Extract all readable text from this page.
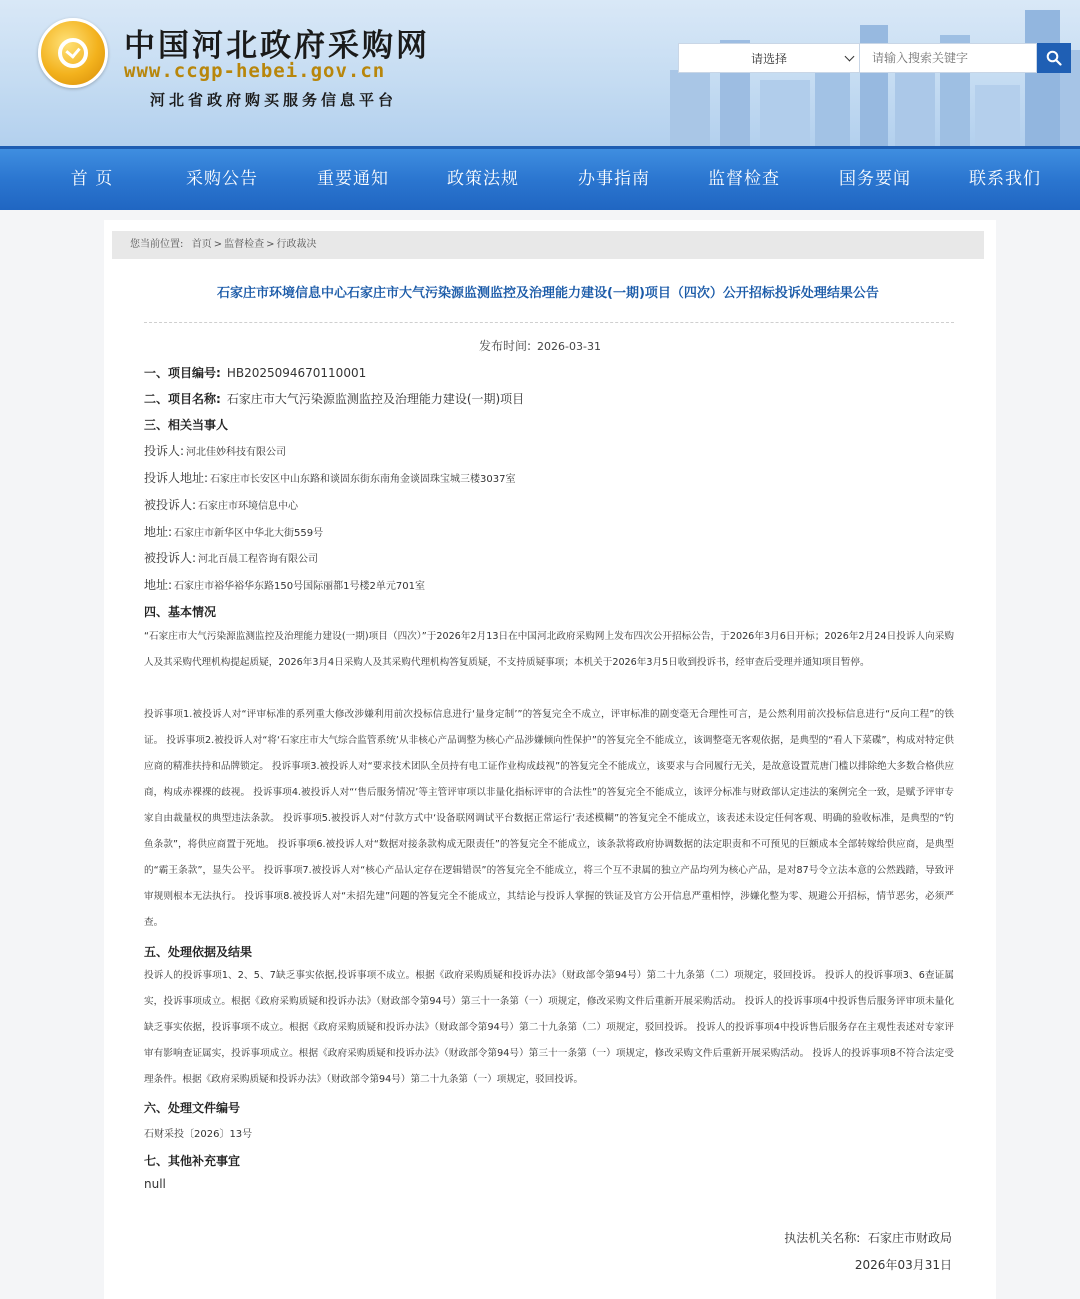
中国河北政府采购网
www.ccgp-hebei.gov.cn
河北省政府购买服务信息平台
请选择
请输入搜索关键字
首 页	采购公告	重要通知	政策法规	办事指南	监督检查	国务要闻	联系我们
您当前位置: 首页 > 监督检查 > 行政裁决
石家庄市环境信息中心石家庄市大气污染源监测监控及治理能力建设(一期)项目（四次）公开招标投诉处理结果公告
发布时间: 2026-03-31
一、项目编号: HB2025094670110001
二、项目名称: 石家庄市大气污染源监测监控及治理能力建设(一期)项目
三、相关当事人
投诉人: 河北佳妙科技有限公司
投诉人地址: 石家庄市长安区中山东路和谈固东街东南角金谈固珠宝城三楼3037室
被投诉人: 石家庄市环境信息中心
地址: 石家庄市新华区中华北大街559号
被投诉人: 河北百晨工程咨询有限公司
地址: 石家庄市裕华裕华东路150号国际丽都1号楼2单元701室
四、基本情况
“石家庄市大气污染源监测监控及治理能力建设(一期)项目（四次）”于2026年2月13日在中国河北政府采购网上发布四次公开招标公告，于2026年3月6日开标；2026年2月24日投诉人向采购人及其采购代理机构提起质疑，2026年3月4日采购人及其采购代理机构答复质疑，不支持质疑事项；本机关于2026年3月5日收到投诉书，经审查后受理并通知项目暂停。
投诉事项1.被投诉人对“评审标准的系列重大修改涉嫌利用前次投标信息进行‘量身定制’”的答复完全不成立，评审标准的剧变毫无合理性可言，是公然利用前次投标信息进行“反向工程”的铁证。 投诉事项2.被投诉人对“将‘石家庄市大气综合监管系统’从非核心产品调整为核心产品涉嫌倾向性保护”的答复完全不能成立，该调整毫无客观依据，是典型的“看人下菜碟”，构成对特定供应商的精准扶持和品牌锁定。 投诉事项3.被投诉人对“要求技术团队全员持有电工证作业构成歧视”的答复完全不能成立，该要求与合同履行无关，是故意设置荒唐门槛以排除绝大多数合格供应商，构成赤裸裸的歧视。 投诉事项4.被投诉人对“‘售后服务情况’等主管评审项以非量化指标评审的合法性”的答复完全不能成立，该评分标准与财政部认定违法的案例完全一致，是赋予评审专家自由裁量权的典型违法条款。 投诉事项5.被投诉人对“付款方式中‘设备联网调试平台数据正常运行’表述模糊”的答复完全不能成立，该表述未设定任何客观、明确的验收标准，是典型的“钓鱼条款”，将供应商置于死地。 投诉事项6.被投诉人对“数据对接条款构成无限责任”的答复完全不能成立，该条款将政府协调数据的法定职责和不可预见的巨额成本全部转嫁给供应商，是典型的“霸王条款”，显失公平。 投诉事项7.被投诉人对“核心产品认定存在逻辑错误”的答复完全不能成立，将三个互不隶属的独立产品均列为核心产品，是对87号令立法本意的公然践踏，导致评审规则根本无法执行。 投诉事项8.被投诉人对“未招先建”问题的答复完全不能成立，其结论与投诉人掌握的铁证及官方公开信息严重相悖，涉嫌化整为零、规避公开招标，情节恶劣，必须严查。
五、处理依据及结果
投诉人的投诉事项1、2、5、7缺乏事实依据,投诉事项不成立。根据《政府采购质疑和投诉办法》（财政部令第94号）第二十九条第（二）项规定，驳回投诉。 投诉人的投诉事项3、6查证属实，投诉事项成立。根据《政府采购质疑和投诉办法》（财政部令第94号）第三十一条第（一）项规定，修改采购文件后重新开展采购活动。 投诉人的投诉事项4中投诉售后服务评审项未量化缺乏事实依据，投诉事项不成立。根据《政府采购质疑和投诉办法》（财政部令第94号）第二十九条第（二）项规定，驳回投诉。 投诉人的投诉事项4中投诉售后服务存在主观性表述对专家评审有影响查证属实，投诉事项成立。根据《政府采购质疑和投诉办法》（财政部令第94号）第三十一条第（一）项规定，修改采购文件后重新开展采购活动。 投诉人的投诉事项8不符合法定受理条件。根据《政府采购质疑和投诉办法》（财政部令第94号）第二十九条第（一）项规定，驳回投诉。
六、处理文件编号
石财采投〔2026〕13号
七、其他补充事宜
null
执法机关名称: 石家庄市财政局
2026年03月31日
